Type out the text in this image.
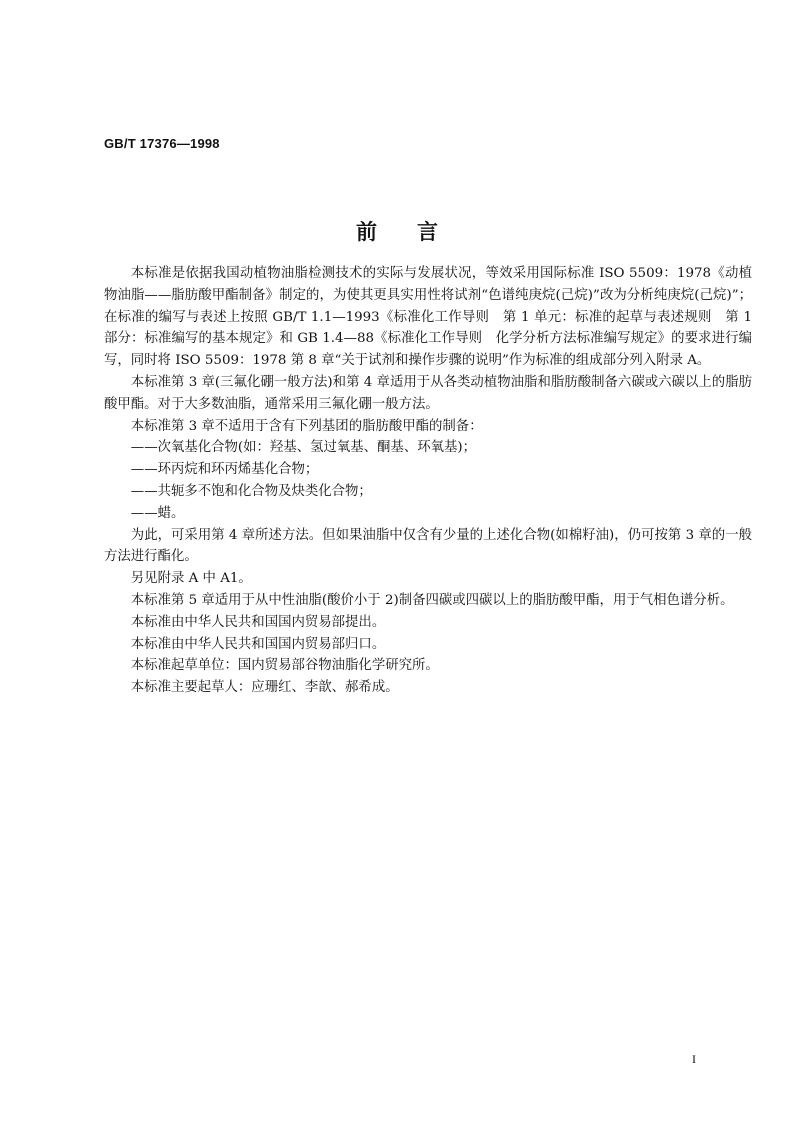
GB/T 17376—1998
前言

本标准是依据我国动植物油脂检测技术的实际与发展状况，等效采用国际标准 ISO 5509：1978《动植物油脂——脂肪酸甲酯制备》制定的，为使其更具实用性将试剂“色谱纯庚烷(己烷)”改为分析纯庚烷(己烷)”；在标准的编写与表述上按照 GB/T 1.1—1993《标准化工作导则　第 1 单元：标准的起草与表述规则　第 1 部分：标准编写的基本规定》和 GB 1.4—88《标准化工作导则　化学分析方法标准编写规定》的要求进行编写，同时将 ISO 5509：1978 第 8 章“关于试剂和操作步骤的说明”作为标准的组成部分列入附录 A。

本标准第 3 章(三氟化硼一般方法)和第 4 章适用于从各类动植物油脂和脂肪酸制备六碳或六碳以上的脂肪酸甲酯。对于大多数油脂，通常采用三氟化硼一般方法。

本标准第 3 章不适用于含有下列基团的脂肪酸甲酯的制备：

——次氧基化合物(如：羟基、氢过氧基、酮基、环氧基)；

——环丙烷和环丙烯基化合物；

——共轭多不饱和化合物及炔类化合物；

——蜡。

为此，可采用第 4 章所述方法。但如果油脂中仅含有少量的上述化合物(如棉籽油)，仍可按第 3 章的一般方法进行酯化。

另见附录 A 中 A1。

本标准第 5 章适用于从中性油脂(酸价小于 2)制备四碳或四碳以上的脂肪酸甲酯，用于气相色谱分析。

本标准由中华人民共和国国内贸易部提出。

本标准由中华人民共和国国内贸易部归口。

本标准起草单位：国内贸易部谷物油脂化学研究所。

本标准主要起草人：应珊红、李歆、郝希成。

I
